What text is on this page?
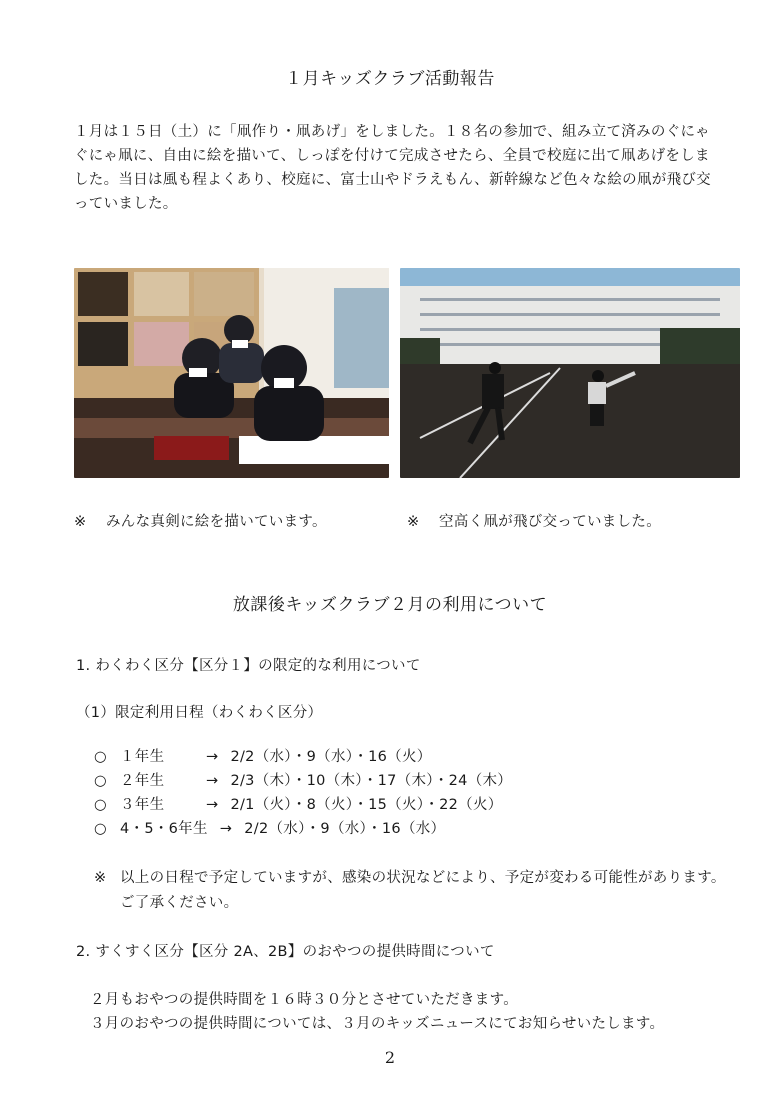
１月キッズクラブ活動報告
１月は１５日（土）に「凧作り・凧あげ」をしました。１８名の参加で、組み立て済みのぐにゃぐにゃ凧に、自由に絵を描いて、しっぽを付けて完成させたら、全員で校庭に出て凧あげをしました。当日は風も程よくあり、校庭に、富士山やドラえもん、新幹線など色々な絵の凧が飛び交っていました。
※ みんな真剣に絵を描いています。	※ 空高く凧が飛び交っていました。
放課後キッズクラブ２月の利用について
1. わくわく区分【区分１】の限定的な利用について
（1）限定利用日程（わくわく区分）
○ １年生	→ 2/2（水）・9（水）・16（火）
○ ２年生	→ 2/3（木）・10（木）・17（木）・24（木）
○ ３年生	→ 2/1（火）・8（火）・15（火）・22（火）
○ 4・5・6年生 → 2/2（水）・9（水）・16（水）
※ 以上の日程で予定していますが、感染の状況などにより、予定が変わる可能性があります。ご了承ください。
2. すくすく区分【区分 2A、2B】のおやつの提供時間について
２月もおやつの提供時間を１６時３０分とさせていただきます。
３月のおやつの提供時間については、３月のキッズニュースにてお知らせいたします。
2
